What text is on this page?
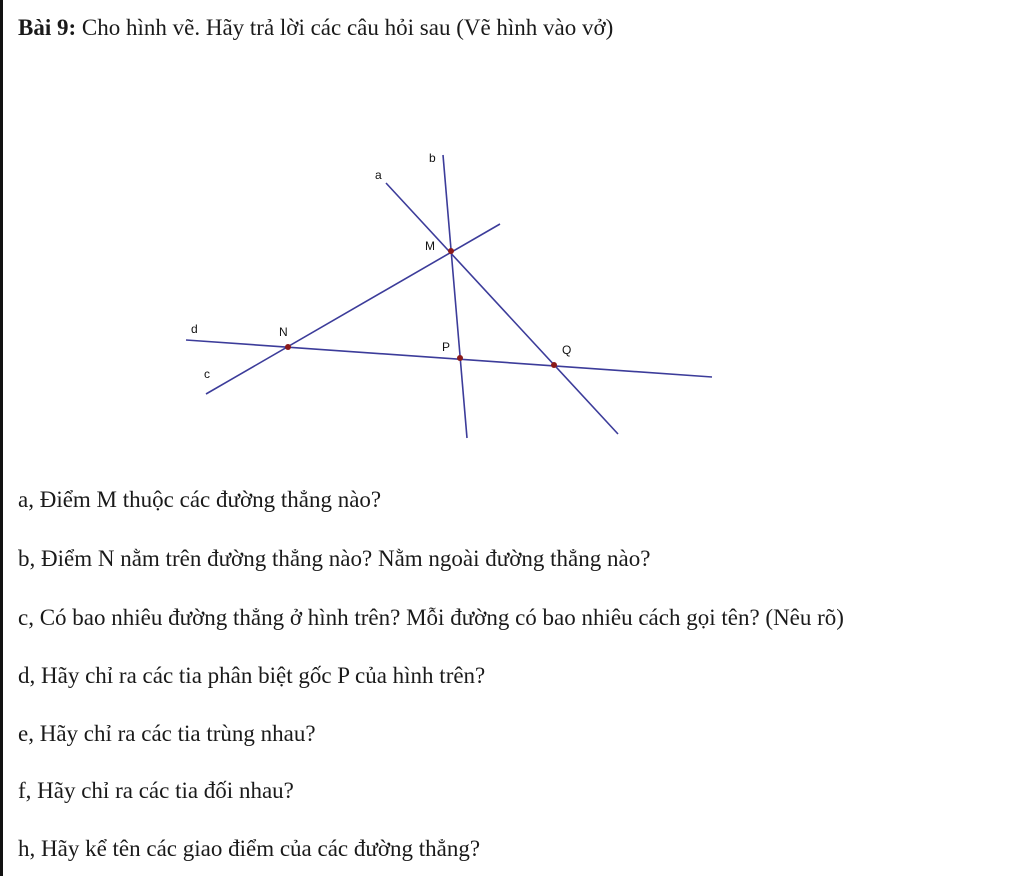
Bài 9: Cho hình vẽ. Hãy trả lời các câu hỏi sau (Vẽ hình vào vở)
a
b
c
d
M
N
P	Q
a, Điểm M thuộc các đường thẳng nào?
b, Điểm N nằm trên đường thẳng nào? Nằm ngoài đường thẳng nào?
c, Có bao nhiêu đường thẳng ở hình trên? Mỗi đường có bao nhiêu cách gọi tên? (Nêu rõ)
d, Hãy chỉ ra các tia phân biệt gốc P của hình trên?
e, Hãy chỉ ra các tia trùng nhau?
f, Hãy chỉ ra các tia đối nhau?
h, Hãy kể tên các giao điểm của các đường thẳng?
